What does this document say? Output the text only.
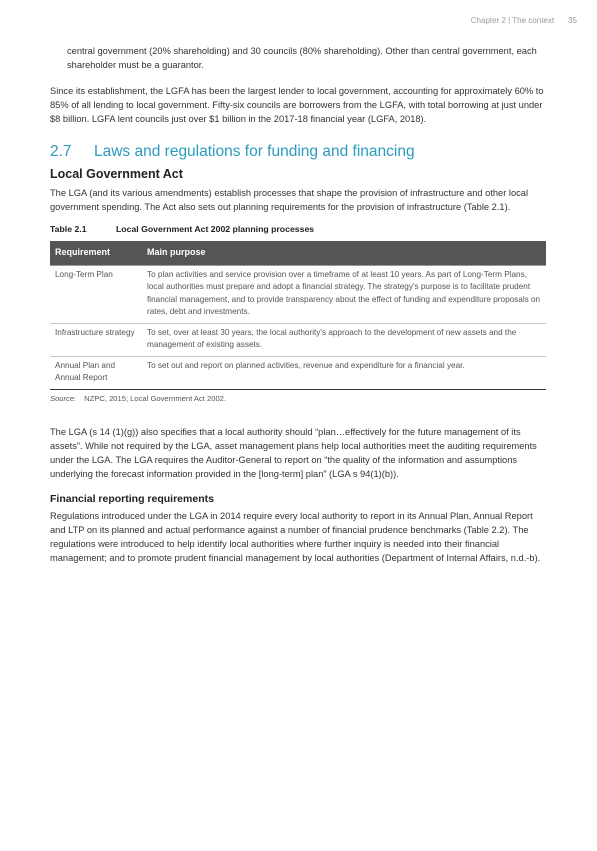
Chapter 2 | The context 35

central government (20% shareholding) and 30 councils (80% shareholding). Other than central government, each shareholder must be a guarantor.

Since its establishment, the LGFA has been the largest lender to local government, accounting for approximately 60% to 85% of all lending to local government. Fifty-six councils are borrowers from the LGFA, with total borrowing at just under $8 billion. LGFA lent councils just over $1 billion in the 2017-18 financial year (LGFA, 2018).

2.7	Laws and regulations for funding and financing
Local Government Act

The LGA (and its various amendments) establish processes that shape the provision of infrastructure and other local government spending. The Act also sets out planning requirements for the provision of infrastructure (Table 2.1).

Table 2.1	Local Government Act 2002 planning processes
Requirement	Main purpose
Long-Term Plan	To plan activities and service provision over a timeframe of at least 10 years. As part of Long-Term Plans, local authorities must prepare and adopt a financial strategy. The strategy's purpose is to facilitate prudent financial management, and to provide transparency about the effect of funding and expenditure proposals on rates, debt and investments.
Infrastructure strategy	To set, over at least 30 years, the local authority's approach to the development of new assets and the management of existing assets.
Annual Plan and Annual Report	To set out and report on planned activities, revenue and expenditure for a financial year.
Source: NZPC, 2015; Local Government Act 2002.

The LGA (s 14 (1)(g)) also specifies that a local authority should “plan…effectively for the future management of its assets”. While not required by the LGA, asset management plans help local authorities meet the auditing requirements under the LGA. The LGA requires the Auditor-General to report on “the quality of the information and assumptions underlying the forecast information provided in the [long-term] plan” (LGA s 94(1)(b)).

Financial reporting requirements

Regulations introduced under the LGA in 2014 require every local authority to report in its Annual Plan, Annual Report and LTP on its planned and actual performance against a number of financial prudence benchmarks (Table 2.2). The regulations were introduced to help identify local authorities where further inquiry is needed into their financial management; and to promote prudent financial management by local authorities (Department of Internal Affairs, n.d.-b).
